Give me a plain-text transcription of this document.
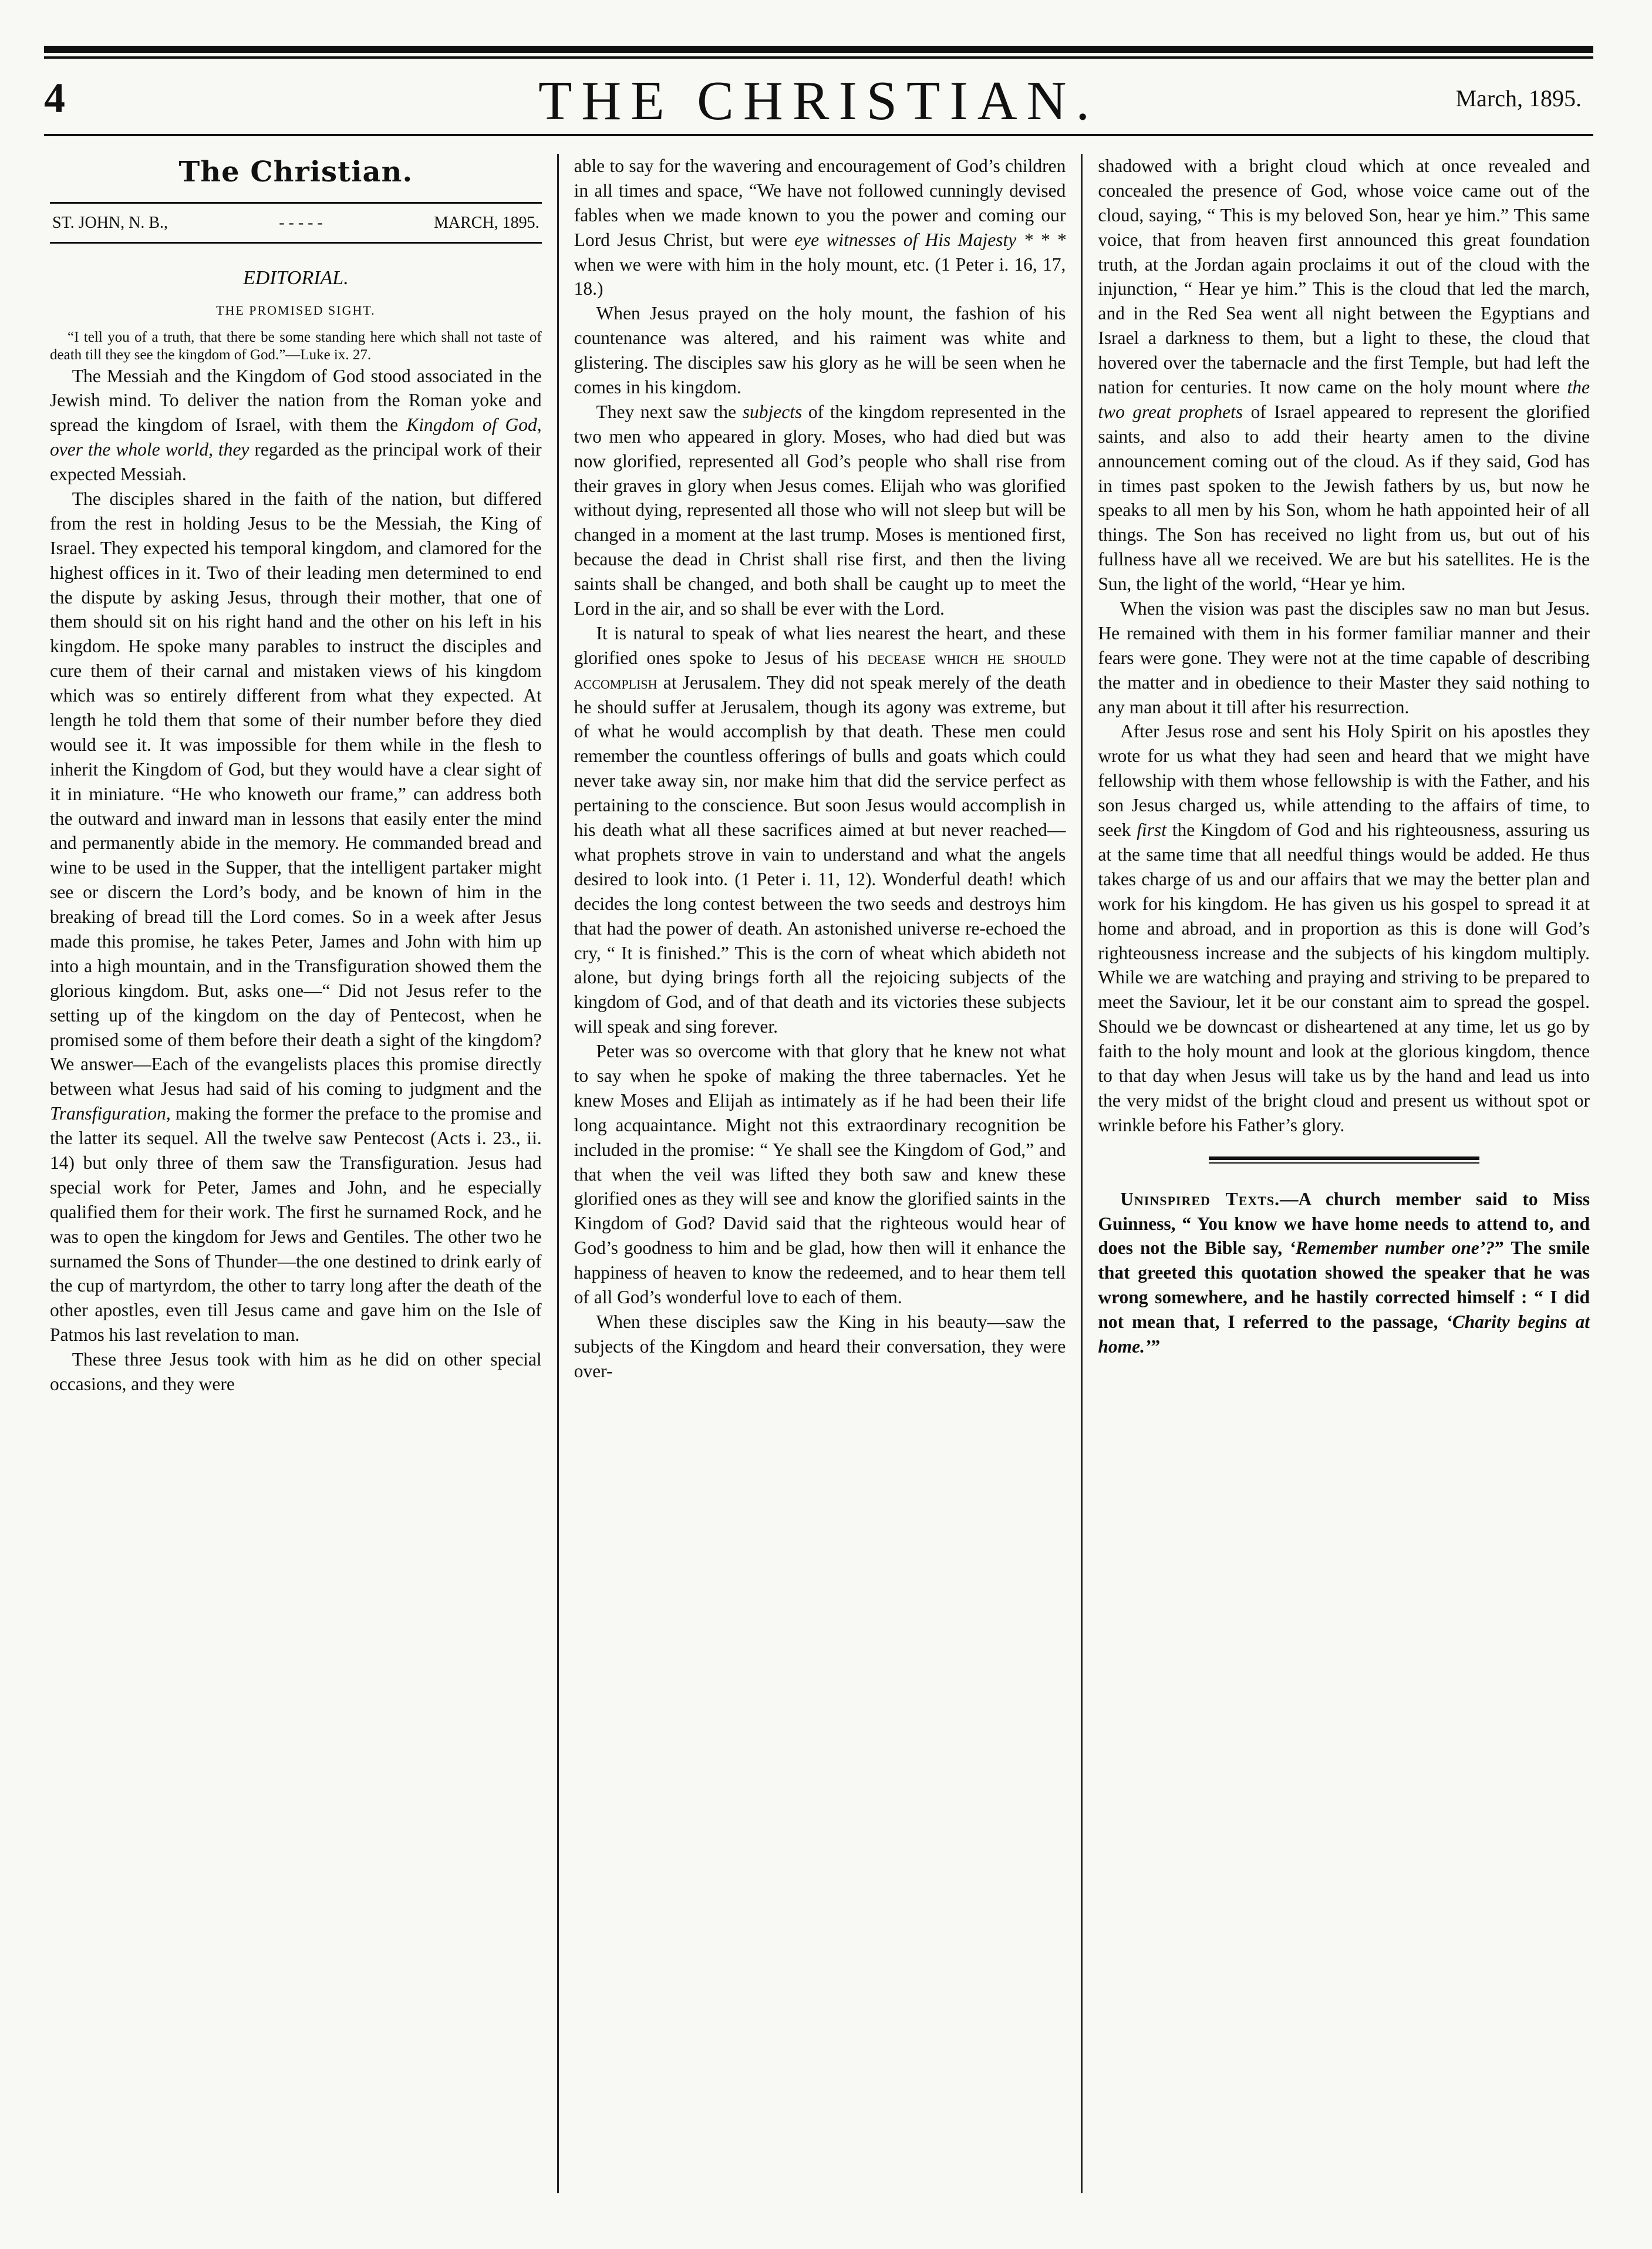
4	THE CHRISTIAN.	March, 1895.
The Christian.
ST. JOHN, N. B.,	- - - - -	MARCH, 1895.
EDITORIAL.
THE PROMISED SIGHT.

“I tell you of a truth, that there be some standing here which shall not taste of death till they see the kingdom of God.”—Luke ix. 27.

The Messiah and the Kingdom of God stood associated in the Jewish mind. To deliver the nation from the Roman yoke and spread the kingdom of Israel, with them the Kingdom of God, over the whole world, they regarded as the principal work of their expected Messiah.

The disciples shared in the faith of the nation, but differed from the rest in holding Jesus to be the Messiah, the King of Israel. They expected his temporal kingdom, and clamored for the highest offices in it. Two of their leading men determined to end the dispute by asking Jesus, through their mother, that one of them should sit on his right hand and the other on his left in his kingdom. He spoke many parables to instruct the disciples and cure them of their carnal and mistaken views of his kingdom which was so entirely different from what they expected. At length he told them that some of their number before they died would see it. It was impossible for them while in the flesh to inherit the Kingdom of God, but they would have a clear sight of it in miniature. “He who knoweth our frame,” can address both the outward and inward man in lessons that easily enter the mind and permanently abide in the memory. He commanded bread and wine to be used in the Supper, that the intelligent partaker might see or discern the Lord’s body, and be known of him in the breaking of bread till the Lord comes. So in a week after Jesus made this promise, he takes Peter, James and John with him up into a high mountain, and in the Transfiguration showed them the glorious kingdom. But, asks one—“ Did not Jesus refer to the setting up of the kingdom on the day of Pentecost, when he promised some of them before their death a sight of the kingdom? We answer—Each of the evangelists places this promise directly between what Jesus had said of his coming to judgment and the Transfiguration, making the former the preface to the promise and the latter its sequel. All the twelve saw Pentecost (Acts i. 23., ii. 14) but only three of them saw the Transfiguration. Jesus had special work for Peter, James and John, and he especially qualified them for their work. The first he surnamed Rock, and he was to open the kingdom for Jews and Gentiles. The other two he surnamed the Sons of Thunder—the one destined to drink early of the cup of martyrdom, the other to tarry long after the death of the other apostles, even till Jesus came and gave him on the Isle of Patmos his last revelation to man.

These three Jesus took with him as he did on other special occasions, and they were

able to say for the wavering and encouragement of God’s children in all times and space, “We have not followed cunningly devised fables when we made known to you the power and coming our Lord Jesus Christ, but were eye witnesses of His Majesty * * * when we were with him in the holy mount, etc. (1 Peter i. 16, 17, 18.)

When Jesus prayed on the holy mount, the fashion of his countenance was altered, and his raiment was white and glistering. The disciples saw his glory as he will be seen when he comes in his kingdom.

They next saw the subjects of the kingdom represented in the two men who appeared in glory. Moses, who had died but was now glorified, represented all God’s people who shall rise from their graves in glory when Jesus comes. Elijah who was glorified without dying, represented all those who will not sleep but will be changed in a moment at the last trump. Moses is mentioned first, because the dead in Christ shall rise first, and then the living saints shall be changed, and both shall be caught up to meet the Lord in the air, and so shall be ever with the Lord.

It is natural to speak of what lies nearest the heart, and these glorified ones spoke to Jesus of his decease which he should accomplish at Jerusalem. They did not speak merely of the death he should suffer at Jerusalem, though its agony was extreme, but of what he would accomplish by that death. These men could remember the countless offerings of bulls and goats which could never take away sin, nor make him that did the service perfect as pertaining to the conscience. But soon Jesus would accomplish in his death what all these sacrifices aimed at but never reached—what prophets strove in vain to understand and what the angels desired to look into. (1 Peter i. 11, 12). Wonderful death! which decides the long contest between the two seeds and destroys him that had the power of death. An astonished universe re-echoed the cry, “ It is finished.” This is the corn of wheat which abideth not alone, but dying brings forth all the rejoicing subjects of the kingdom of God, and of that death and its victories these subjects will speak and sing forever.

Peter was so overcome with that glory that he knew not what to say when he spoke of making the three tabernacles. Yet he knew Moses and Elijah as intimately as if he had been their life long acquaintance. Might not this extraordinary recognition be included in the promise: “ Ye shall see the Kingdom of God,” and that when the veil was lifted they both saw and knew these glorified ones as they will see and know the glorified saints in the Kingdom of God? David said that the righteous would hear of God’s goodness to him and be glad, how then will it enhance the happiness of heaven to know the redeemed, and to hear them tell of all God’s wonderful love to each of them.

When these disciples saw the King in his beauty—saw the subjects of the Kingdom and heard their conversation, they were over-

shadowed with a bright cloud which at once revealed and concealed the presence of God, whose voice came out of the cloud, saying, “ This is my beloved Son, hear ye him.” This same voice, that from heaven first announced this great foundation truth, at the Jordan again proclaims it out of the cloud with the injunction, “ Hear ye him.” This is the cloud that led the march, and in the Red Sea went all night between the Egyptians and Israel a darkness to them, but a light to these, the cloud that hovered over the tabernacle and the first Temple, but had left the nation for centuries. It now came on the holy mount where the two great prophets of Israel appeared to represent the glorified saints, and also to add their hearty amen to the divine announcement coming out of the cloud. As if they said, God has in times past spoken to the Jewish fathers by us, but now he speaks to all men by his Son, whom he hath appointed heir of all things. The Son has received no light from us, but out of his fullness have all we received. We are but his satellites. He is the Sun, the light of the world, “Hear ye him.

When the vision was past the disciples saw no man but Jesus. He remained with them in his former familiar manner and their fears were gone. They were not at the time capable of describing the matter and in obedience to their Master they said nothing to any man about it till after his resurrection.

After Jesus rose and sent his Holy Spirit on his apostles they wrote for us what they had seen and heard that we might have fellowship with them whose fellowship is with the Father, and his son Jesus charged us, while attending to the affairs of time, to seek first the Kingdom of God and his righteousness, assuring us at the same time that all needful things would be added. He thus takes charge of us and our affairs that we may the better plan and work for his kingdom. He has given us his gospel to spread it at home and abroad, and in proportion as this is done will God’s righteousness increase and the subjects of his kingdom multiply. While we are watching and praying and striving to be prepared to meet the Saviour, let it be our constant aim to spread the gospel. Should we be downcast or disheartened at any time, let us go by faith to the holy mount and look at the glorious kingdom, thence to that day when Jesus will take us by the hand and lead us into the very midst of the bright cloud and present us without spot or wrinkle before his Father’s glory.

Uninspired Texts.—A church member said to Miss Guinness, “ You know we have home needs to attend to, and does not the Bible say, ‘Remember number one’?” The smile that greeted this quotation showed the speaker that he was wrong somewhere, and he hastily corrected himself : “ I did not mean that, I referred to the passage, ‘Charity begins at home.’”
